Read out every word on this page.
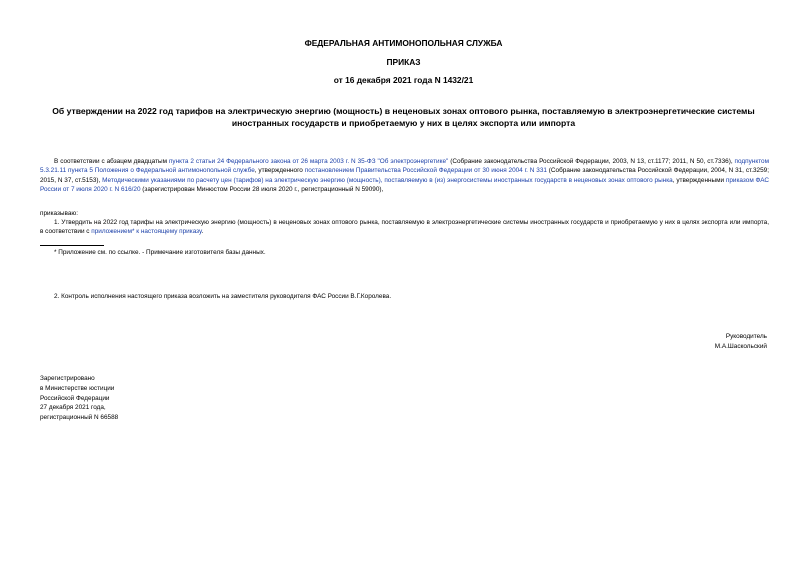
ФЕДЕРАЛЬНАЯ АНТИМОНОПОЛЬНАЯ СЛУЖБА
ПРИКАЗ
от 16 декабря 2021 года N 1432/21
Об утверждении на 2022 год тарифов на электрическую энергию (мощность) в неценовых зонах оптового рынка, поставляемую в электроэнергетические системы иностранных государств и приобретаемую у них в целях экспорта или импорта
В соответствии с абзацем двадцатым пункта 2 статьи 24 Федерального закона от 26 марта 2003 г. N 35-ФЗ "Об электроэнергетике" (Собрание законодательства Российской Федерации, 2003, N 13, ст.1177; 2011, N 50, ст.7336), подпунктом 5.3.21.11 пункта 5 Положения о Федеральной антимонопольной службе, утвержденного постановлением Правительства Российской Федерации от 30 июня 2004 г. N 331 (Собрание законодательства Российской Федерации, 2004, N 31, ст.3259; 2015, N 37, ст.5153), Методическими указаниями по расчету цен (тарифов) на электрическую энергию (мощность), поставляемую в (из) энергосистемы иностранных государств в неценовых зонах оптового рынка, утвержденными приказом ФАС России от 7 июля 2020 г. N 616/20 (зарегистрирован Минюстом России 28 июля 2020 г., регистрационный N 59090),
приказываю:
1. Утвердить на 2022 год тарифы на электрическую энергию (мощность) в неценовых зонах оптового рынка, поставляемую в электроэнергетические системы иностранных государств и приобретаемую у них в целях экспорта или импорта, в соответствии с приложением* к настоящему приказу.
* Приложение см. по ссылке. - Примечание изготовителя базы данных.
2. Контроль исполнения настоящего приказа возложить на заместителя руководителя ФАС России В.Г.Королева.
Руководитель
М.А.Шаскольский
Зарегистрировано
в Министерстве юстиции
Российской Федерации
27 декабря 2021 года,
регистрационный N 66588
